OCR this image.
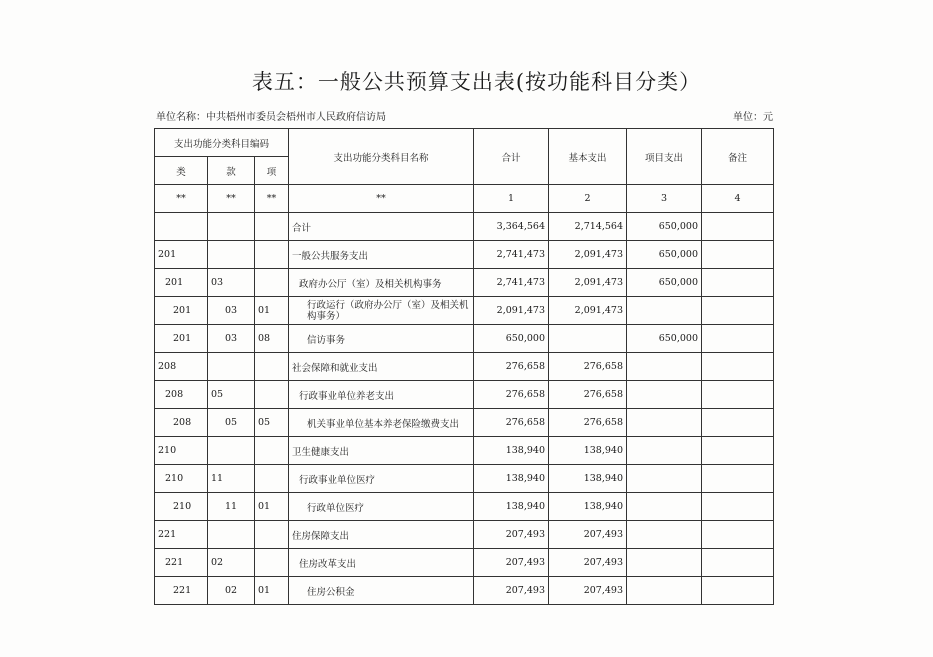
表五：一般公共预算支出表(按功能科目分类）
单位名称：中共梧州市委员会梧州市人民政府信访局	单位：元
支出功能分类科目编码			支出功能分类科目名称	合计	基本支出	项目支出	备注
类	款	项					
**	**	**	**	1	2	3	4
			合计	3,364,564	2,714,564	650,000	
201			一般公共服务支出	2,741,473	2,091,473	650,000	
201	03		政府办公厅（室）及相关机构事务	2,741,473	2,091,473	650,000	
201	03	01	行政运行（政府办公厅（室）及相关机构事务）	2,091,473	2,091,473		
201	03	08	信访事务	650,000		650,000	
208			社会保障和就业支出	276,658	276,658		
208	05		行政事业单位养老支出	276,658	276,658		
208	05	05	机关事业单位基本养老保险缴费支出	276,658	276,658		
210			卫生健康支出	138,940	138,940		
210	11		行政事业单位医疗	138,940	138,940		
210	11	01	行政单位医疗	138,940	138,940		
221			住房保障支出	207,493	207,493		
221	02		住房改革支出	207,493	207,493		
221	02	01	住房公积金	207,493	207,493		
